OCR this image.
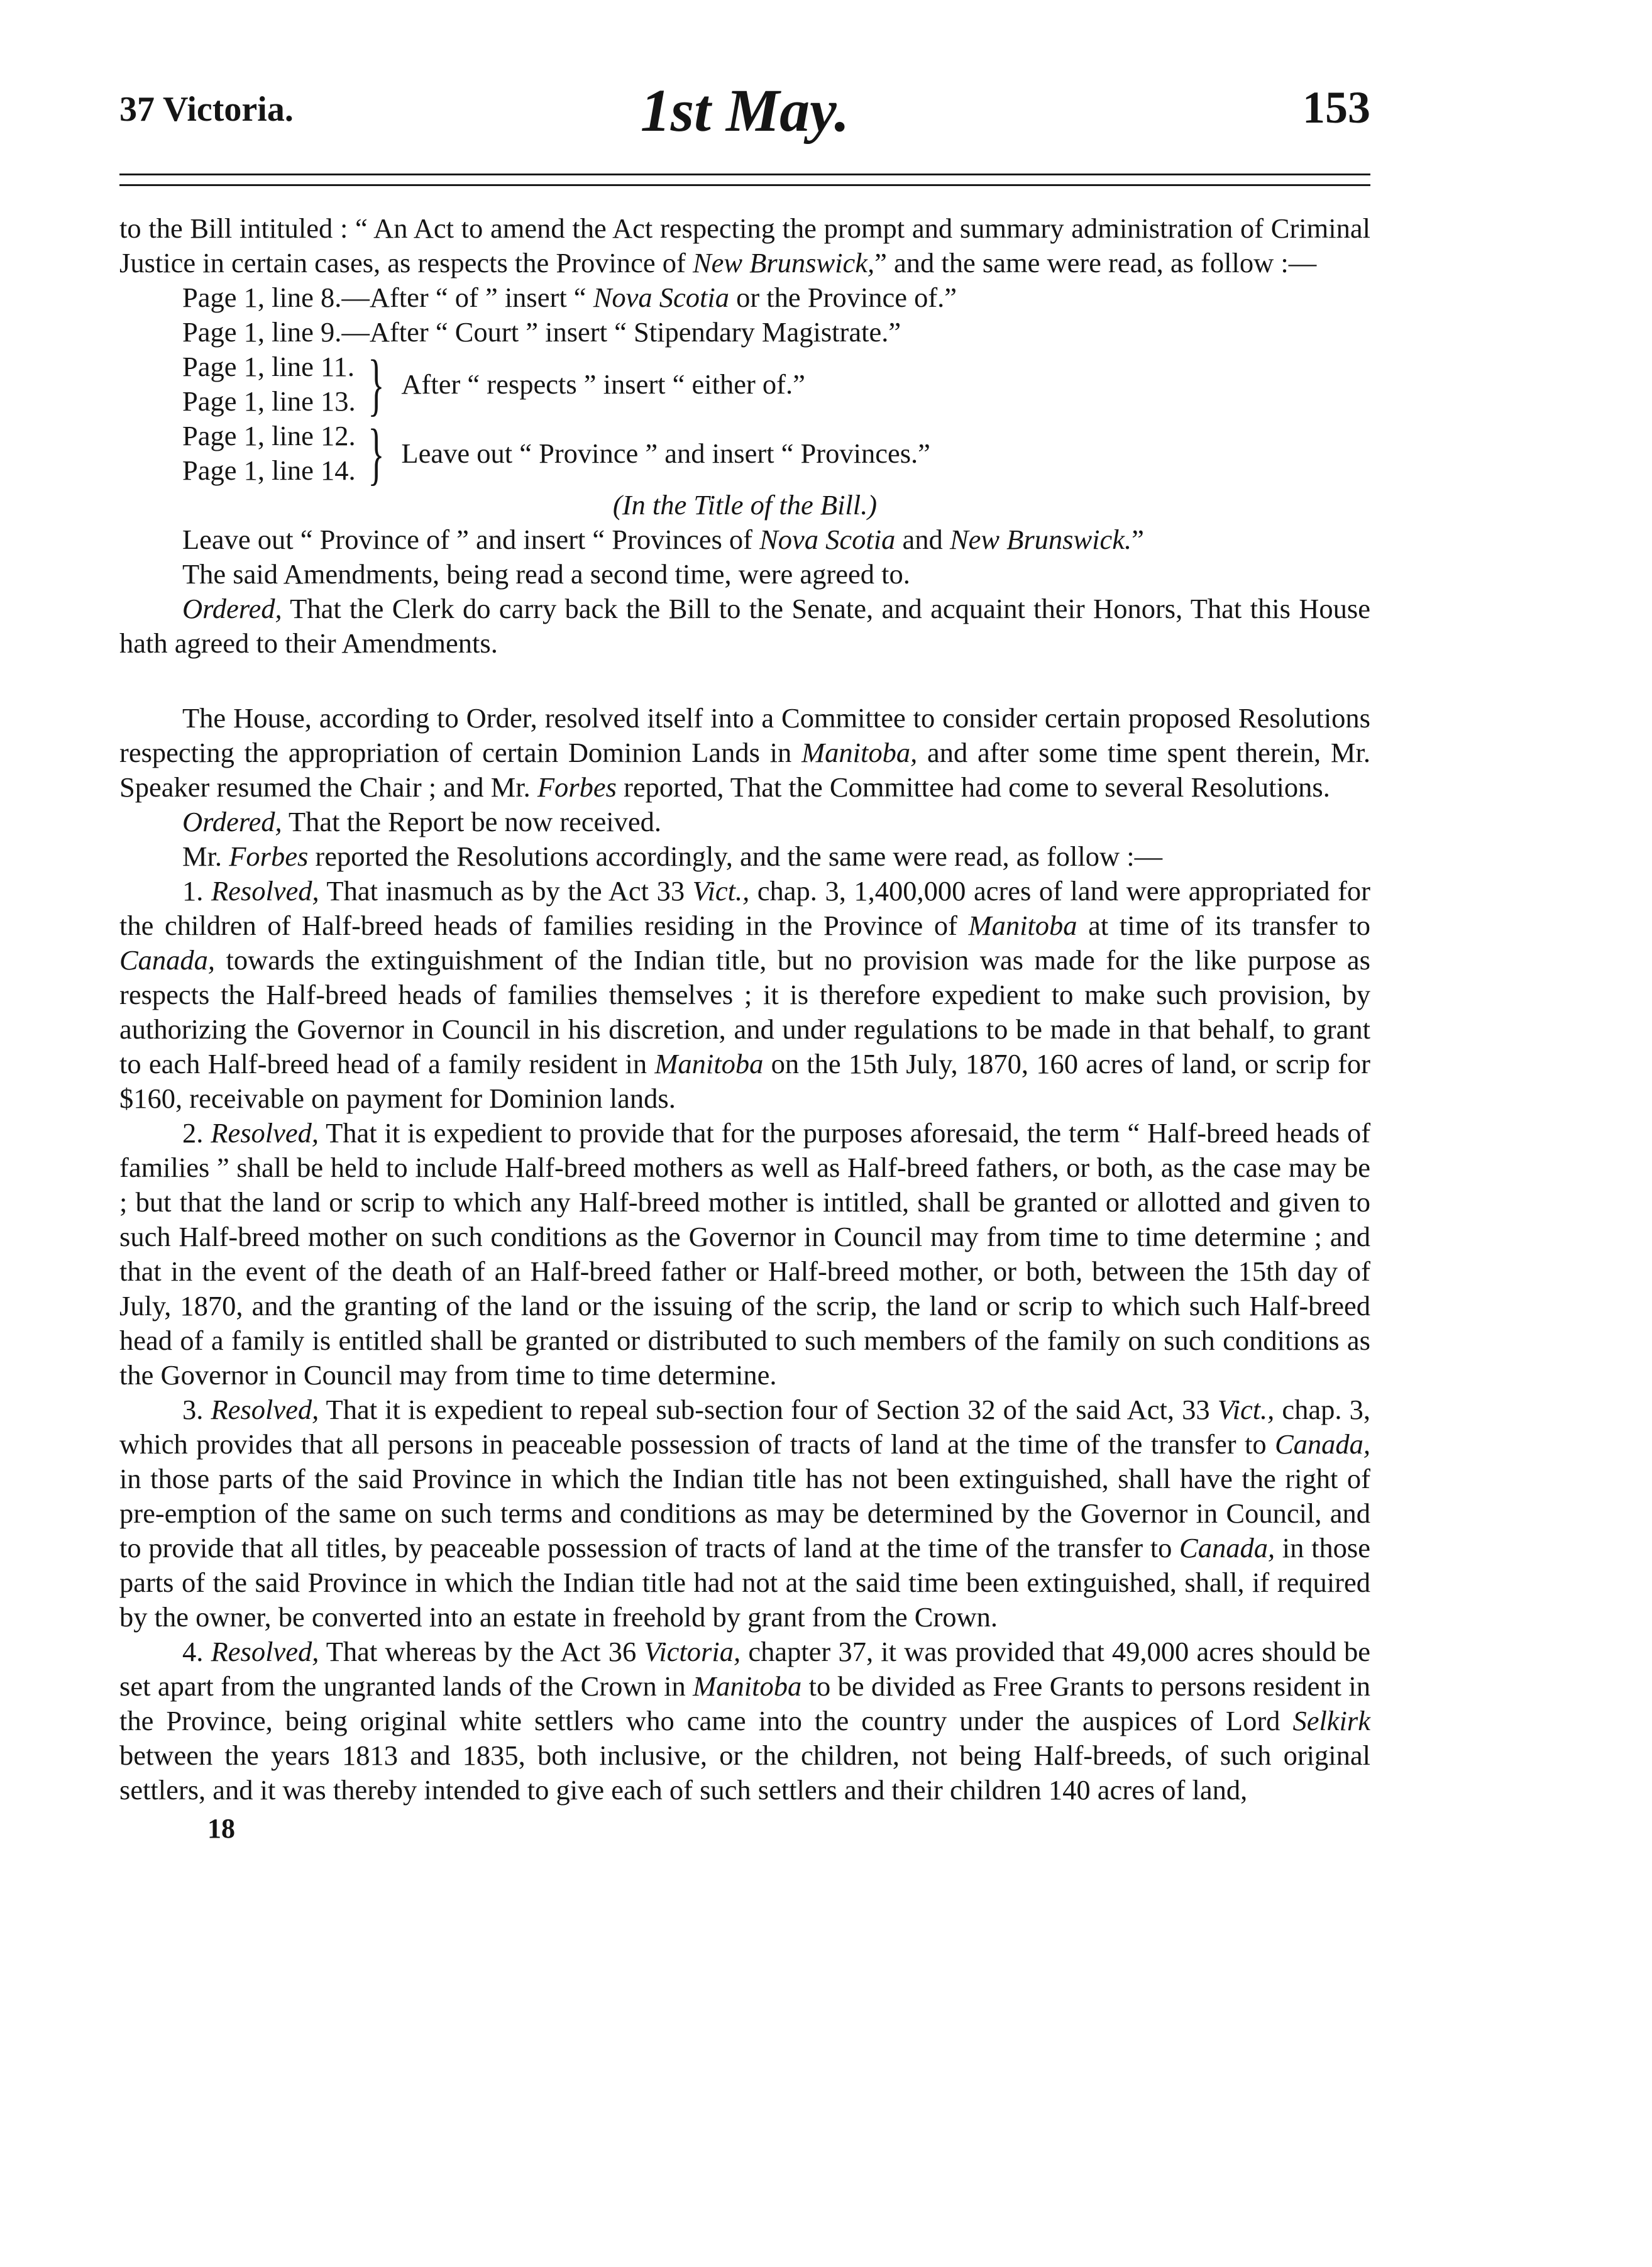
37 Victoria.	1st May.	153

to the Bill intituled : “ An Act to amend the Act respecting the prompt and summary administration of Criminal Justice in certain cases, as respects the Province of New Brunswick,” and the same were read, as follow :—

Page 1, line 8.—After “ of ” insert “ Nova Scotia or the Province of.”

Page 1, line 9.—After “ Court ” insert “ Stipendary Magistrate.”

Page 1, line 11.
Page 1, line 13. } After “ respects ” insert “ either of.”
Page 1, line 12.
Page 1, line 14. } Leave out “ Province ” and insert “ Provinces.”

(In the Title of the Bill.)

Leave out “ Province of ” and insert “ Provinces of Nova Scotia and New Brunswick.”

The said Amendments, being read a second time, were agreed to.

Ordered, That the Clerk do carry back the Bill to the Senate, and acquaint their Honors, That this House hath agreed to their Amendments.

The House, according to Order, resolved itself into a Committee to consider certain proposed Resolutions respecting the appropriation of certain Dominion Lands in Manitoba, and after some time spent therein, Mr. Speaker resumed the Chair ; and Mr. Forbes reported, That the Committee had come to several Resolutions.

Ordered, That the Report be now received.

Mr. Forbes reported the Resolutions accordingly, and the same were read, as follow :—

1. Resolved, That inasmuch as by the Act 33 Vict., chap. 3, 1,400,000 acres of land were appropriated for the children of Half-breed heads of families residing in the Province of Manitoba at time of its transfer to Canada, towards the extinguishment of the Indian title, but no provision was made for the like purpose as respects the Half-breed heads of families themselves ; it is therefore expedient to make such provision, by authorizing the Governor in Council in his discretion, and under regulations to be made in that behalf, to grant to each Half-breed head of a family resident in Manitoba on the 15th July, 1870, 160 acres of land, or scrip for $160, receivable on payment for Dominion lands.

2. Resolved, That it is expedient to provide that for the purposes aforesaid, the term “ Half-breed heads of families ” shall be held to include Half-breed mothers as well as Half-breed fathers, or both, as the case may be ; but that the land or scrip to which any Half-breed mother is intitled, shall be granted or allotted and given to such Half-breed mother on such conditions as the Governor in Council may from time to time determine ; and that in the event of the death of an Half-breed father or Half-breed mother, or both, between the 15th day of July, 1870, and the granting of the land or the issuing of the scrip, the land or scrip to which such Half-breed head of a family is entitled shall be granted or distributed to such members of the family on such conditions as the Governor in Council may from time to time determine.

3. Resolved, That it is expedient to repeal sub-section four of Section 32 of the said Act, 33 Vict., chap. 3, which provides that all persons in peaceable possession of tracts of land at the time of the transfer to Canada, in those parts of the said Province in which the Indian title has not been extinguished, shall have the right of pre-emption of the same on such terms and conditions as may be determined by the Governor in Council, and to provide that all titles, by peaceable possession of tracts of land at the time of the transfer to Canada, in those parts of the said Province in which the Indian title had not at the said time been extinguished, shall, if required by the owner, be converted into an estate in freehold by grant from the Crown.

4. Resolved, That whereas by the Act 36 Victoria, chapter 37, it was provided that 49,000 acres should be set apart from the ungranted lands of the Crown in Manitoba to be divided as Free Grants to persons resident in the Province, being original white settlers who came into the country under the auspices of Lord Selkirk between the years 1813 and 1835, both inclusive, or the children, not being Half-breeds, of such original settlers, and it was thereby intended to give each of such settlers and their children 140 acres of land,

18
